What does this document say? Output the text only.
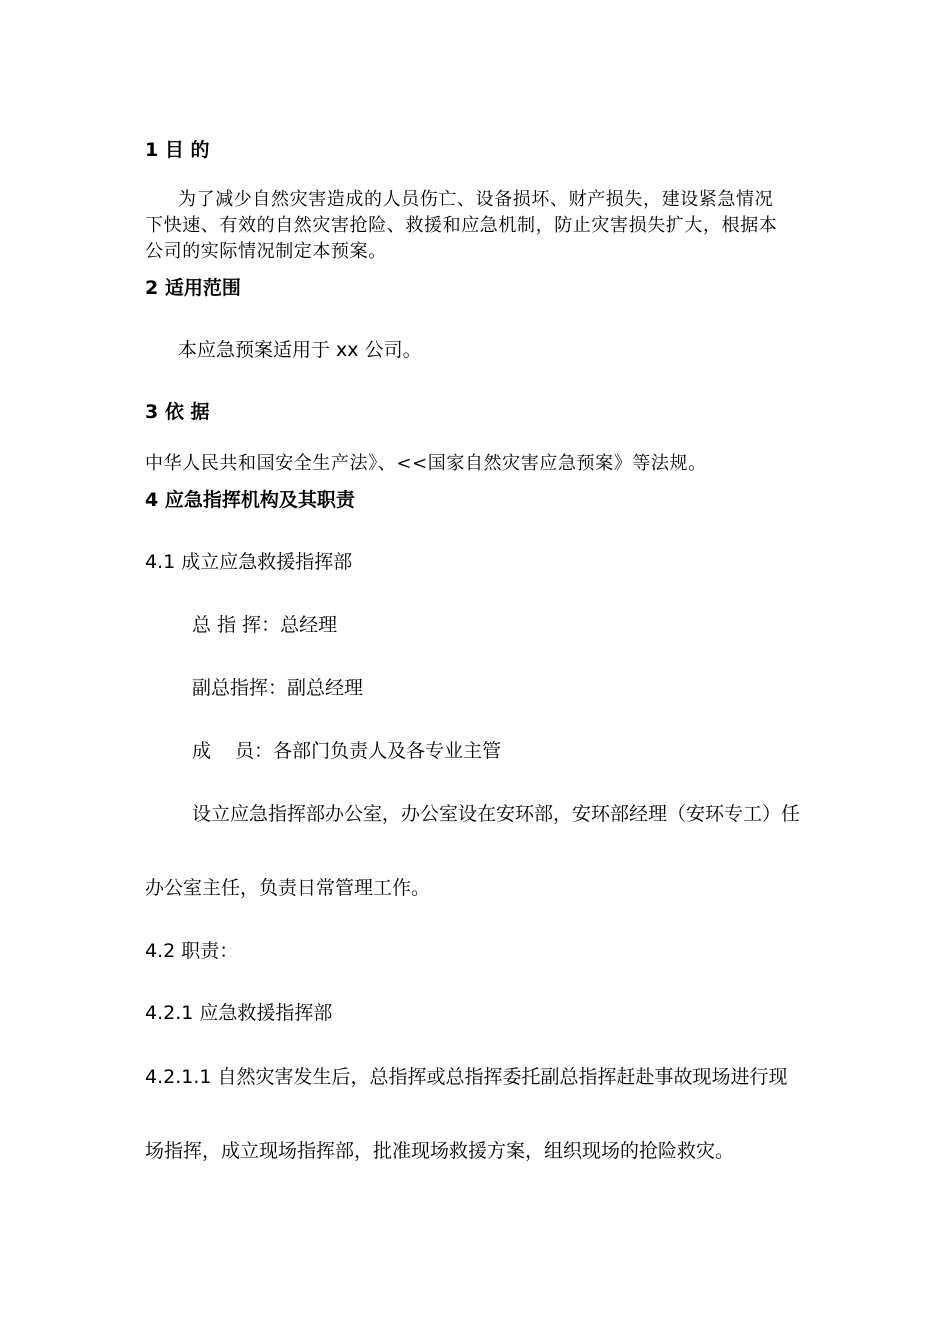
1 目 的
为了减少自然灾害造成的人员伤亡、设备损坏、财产损失，建设紧急情况
下快速、有效的自然灾害抢险、救援和应急机制，防止灾害损失扩大，根据本
公司的实际情况制定本预案。
2 适用范围
本应急预案适用于 xx 公司。
3 依 据
中华人民共和国安全生产法》、<<国家自然灾害应急预案》等法规。
4 应急指挥机构及其职责
4.1 成立应急救援指挥部
总 指 挥：总经理
副总指挥：副总经理
成    员：各部门负责人及各专业主管
设立应急指挥部办公室，办公室设在安环部，安环部经理（安环专工）任
办公室主任，负责日常管理工作。
4.2 职责：
4.2.1 应急救援指挥部
4.2.1.1 自然灾害发生后，总指挥或总指挥委托副总指挥赶赴事故现场进行现
场指挥，成立现场指挥部，批准现场救援方案，组织现场的抢险救灾。
